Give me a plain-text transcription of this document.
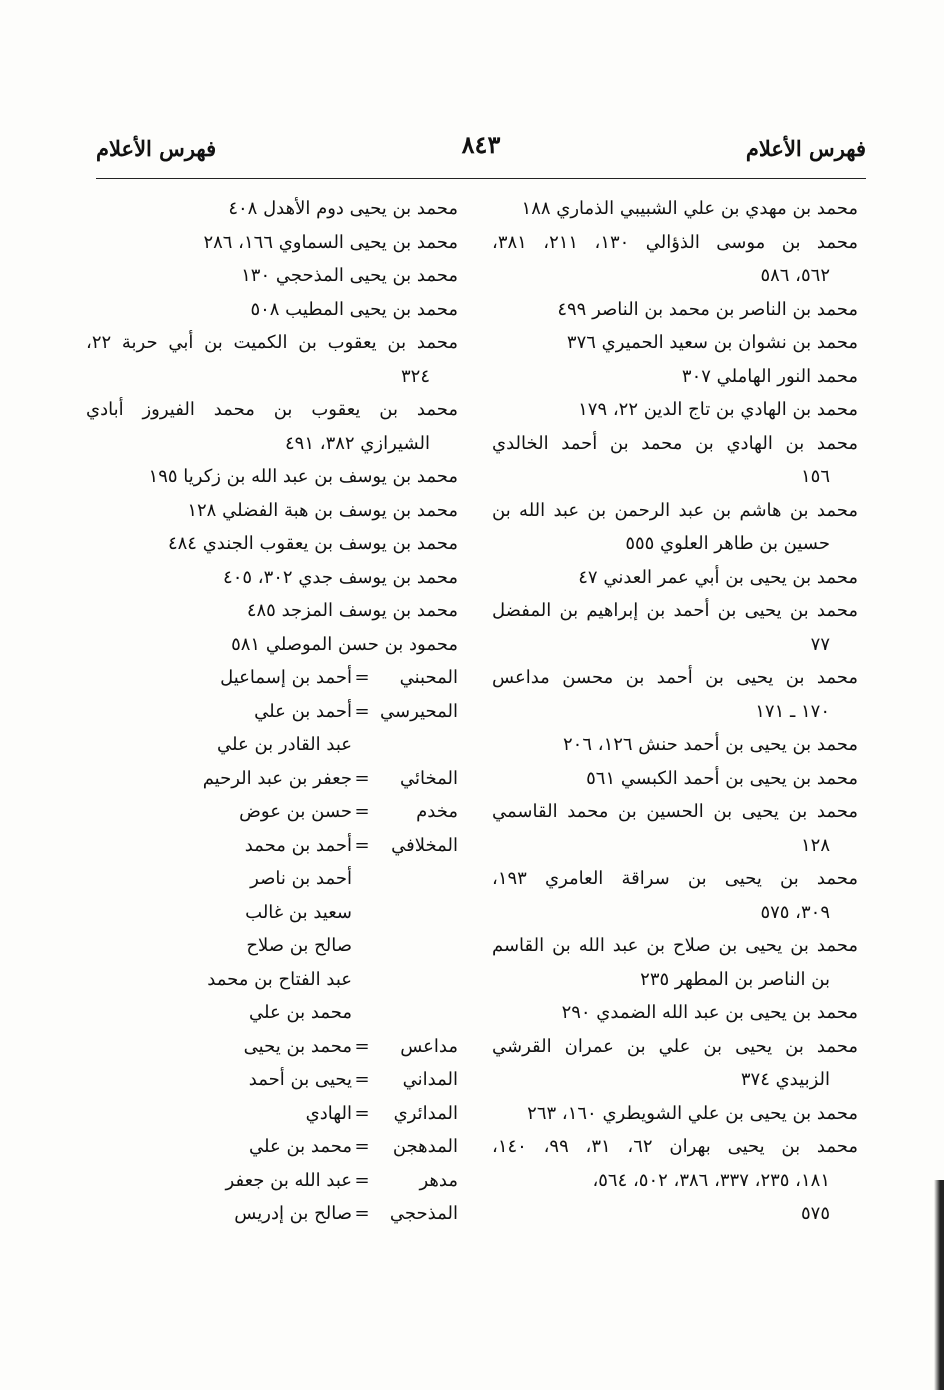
فهرس الأعلام
٨٤٣
فهرس الأعلام
محمد بن مهدي بن علي الشبيبي الذماري ١٨٨
محمد بن موسى الذؤالي ١٣٠، ٢١١، ٣٨١،
٥٦٢، ٥٨٦
محمد بن الناصر بن محمد بن الناصر ٤٩٩
محمد بن نشوان بن سعيد الحميري ٣٧٦
محمد النور الهاملي ٣٠٧
محمد بن الهادي بن تاج الدين ٢٢، ١٧٩
محمد بن الهادي بن محمد بن أحمد الخالدي
١٥٦
محمد بن هاشم بن عبد الرحمن بن عبد الله بن
حسين بن طاهر العلوي ٥٥٥
محمد بن يحيى بن أبي عمر العدني ٤٧
محمد بن يحيى بن أحمد بن إبراهيم بن المفضل
٧٧
محمد بن يحيى بن أحمد بن محسن مداعس
١٧٠ ـ ١٧١
محمد بن يحيى بن أحمد حنش ١٢٦، ٢٠٦
محمد بن يحيى بن أحمد الكبسي ٥٦١
محمد بن يحيى بن الحسين بن محمد القاسمي
١٢٨
محمد بن يحيى بن سراقة العامري ١٩٣،
٣٠٩، ٥٧٥
محمد بن يحيى بن صلاح بن عبد الله بن القاسم
بن الناصر بن المطهر ٢٣٥
محمد بن يحيى بن عبد الله الضمدي ٢٩٠
محمد بن يحيى بن علي بن عمران القرشي
الزبيدي ٣٧٤
محمد بن يحيى بن علي الشويطري ١٦٠، ٢٦٣
محمد بن يحيى بهران ٦٢، ٣١، ٩٩، ١٤٠،
١٨١، ٢٣٥، ٣٣٧، ٣٨٦، ٥٠٢، ٥٦٤،
٥٧٥
محمد بن يحيى دوم الأهدل ٤٠٨
محمد بن يحيى السماوي ١٦٦، ٢٨٦
محمد بن يحيى المذحجي ١٣٠
محمد بن يحيى المطيب ٥٠٨
محمد بن يعقوب بن الكميت بن أبي حربة ٢٢،
٣٢٤
محمد بن يعقوب بن محمد الفيروز أبادي
الشيرازي ٣٨٢، ٤٩١
محمد بن يوسف بن عبد الله بن زكريا ١٩٥
محمد بن يوسف بن هبة الفضلي ١٢٨
محمد بن يوسف بن يعقوب الجندي ٤٨٤
محمد بن يوسف جدي ٣٠٢، ٤٠٥
محمد بن يوسف المزجد ٤٨٥
محمود بن حسن الموصلي ٥٨١
المحبني
=
أحمد بن إسماعيل
المحيرسي
=
أحمد بن علي
عبد القادر بن علي
المخائي
=
جعفر بن عبد الرحيم
مخدم
=
حسن بن عوض
المخلافي
=
أحمد بن محمد
أحمد بن ناصر
سعيد بن غالب
صالح بن صلاح
عبد الفتاح بن محمد
محمد بن علي
مداعس
=
محمد بن يحيى
المداني
=
يحيى بن أحمد
المدائري
=
الهادي
المدهجن
=
محمد بن علي
مدهر
=
عبد الله بن جعفر
المذحجي
=
صالح بن إدريس
